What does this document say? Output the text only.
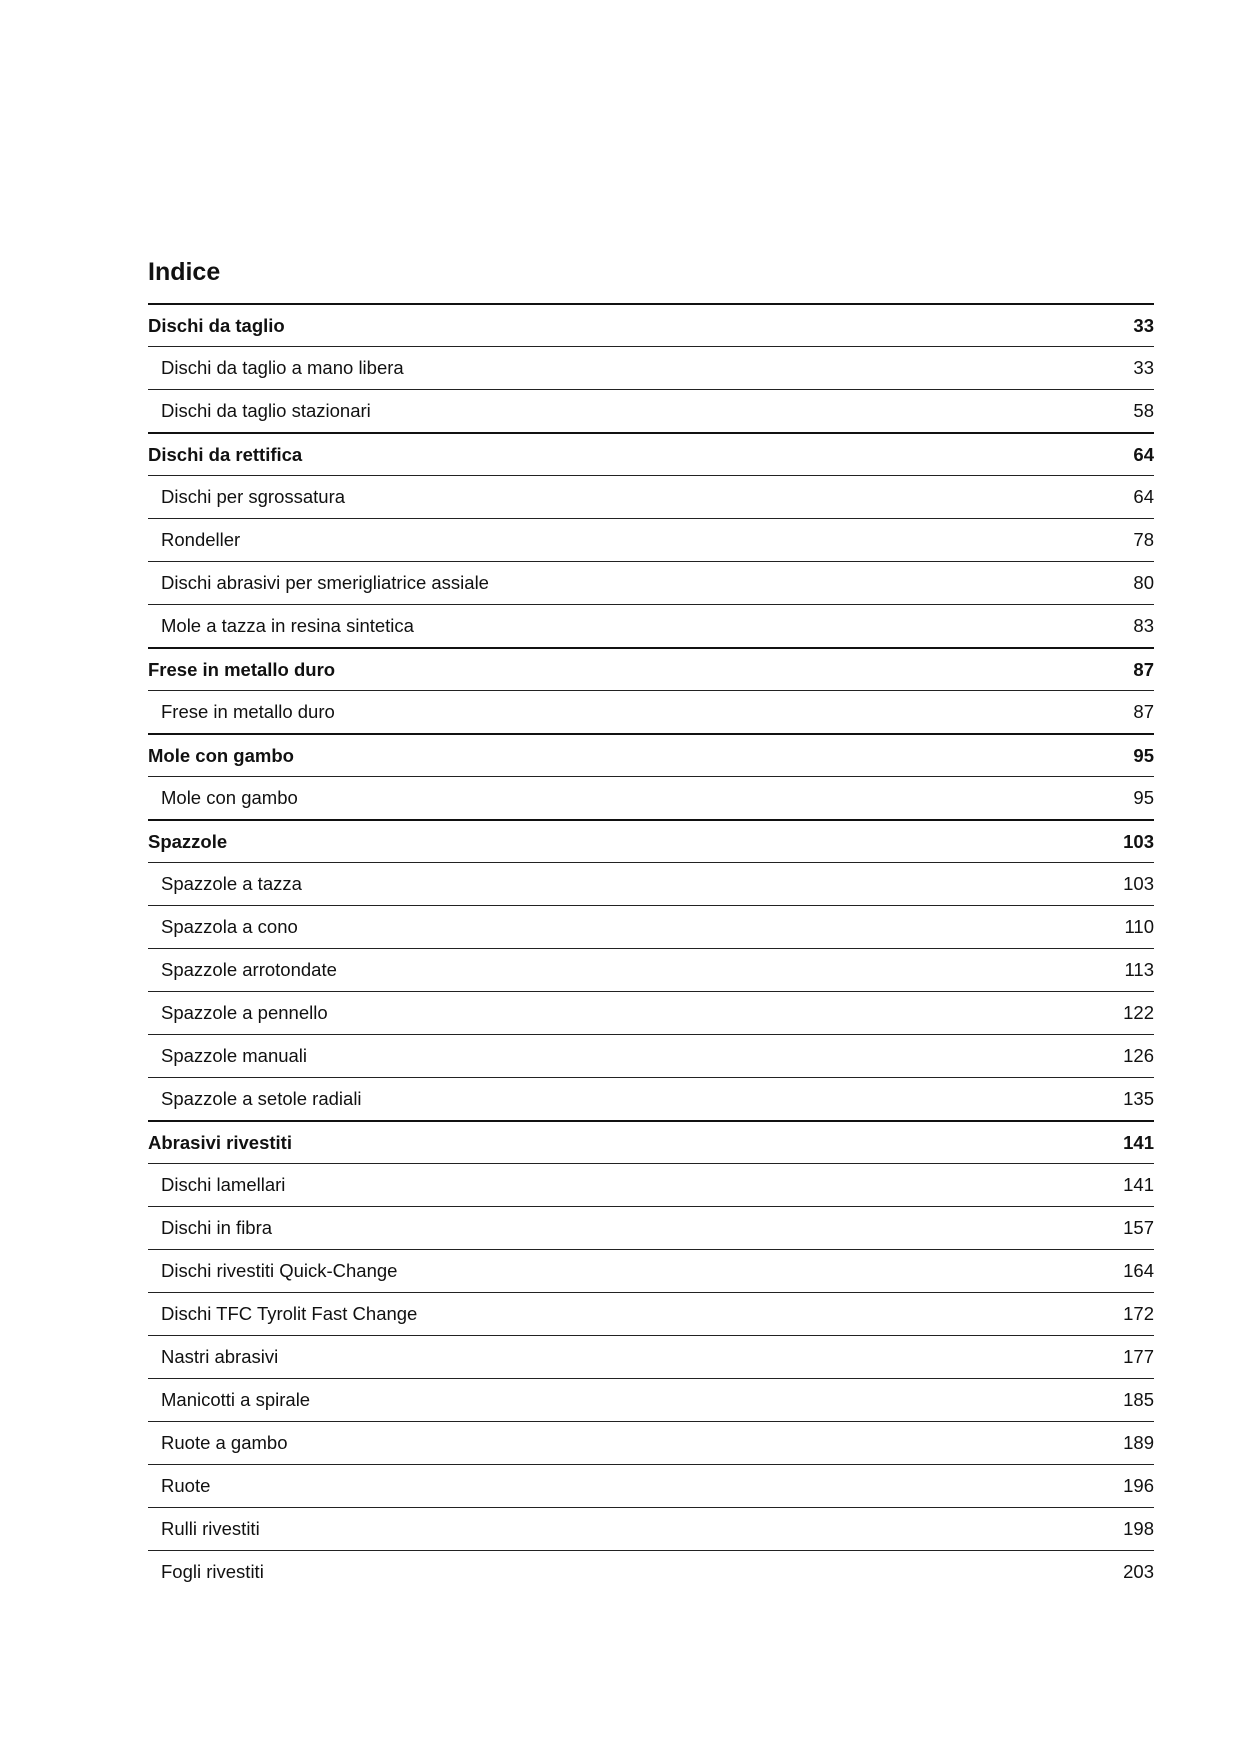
Indice
Dischi da taglio	33
Dischi da taglio a mano libera	33
Dischi da taglio stazionari	58
Dischi da rettifica	64
Dischi per sgrossatura	64
Rondeller	78
Dischi abrasivi per smerigliatrice assiale	80
Mole a tazza in resina sintetica	83
Frese in metallo duro	87
Frese in metallo duro	87
Mole con gambo	95
Mole con gambo	95
Spazzole	103
Spazzole a tazza	103
Spazzola a cono	110
Spazzole arrotondate	113
Spazzole a pennello	122
Spazzole manuali	126
Spazzole a setole radiali	135
Abrasivi rivestiti	141
Dischi lamellari	141
Dischi in fibra	157
Dischi rivestiti Quick-Change	164
Dischi TFC Tyrolit Fast Change	172
Nastri abrasivi	177
Manicotti a spirale	185
Ruote a gambo	189
Ruote	196
Rulli rivestiti	198
Fogli rivestiti	203
